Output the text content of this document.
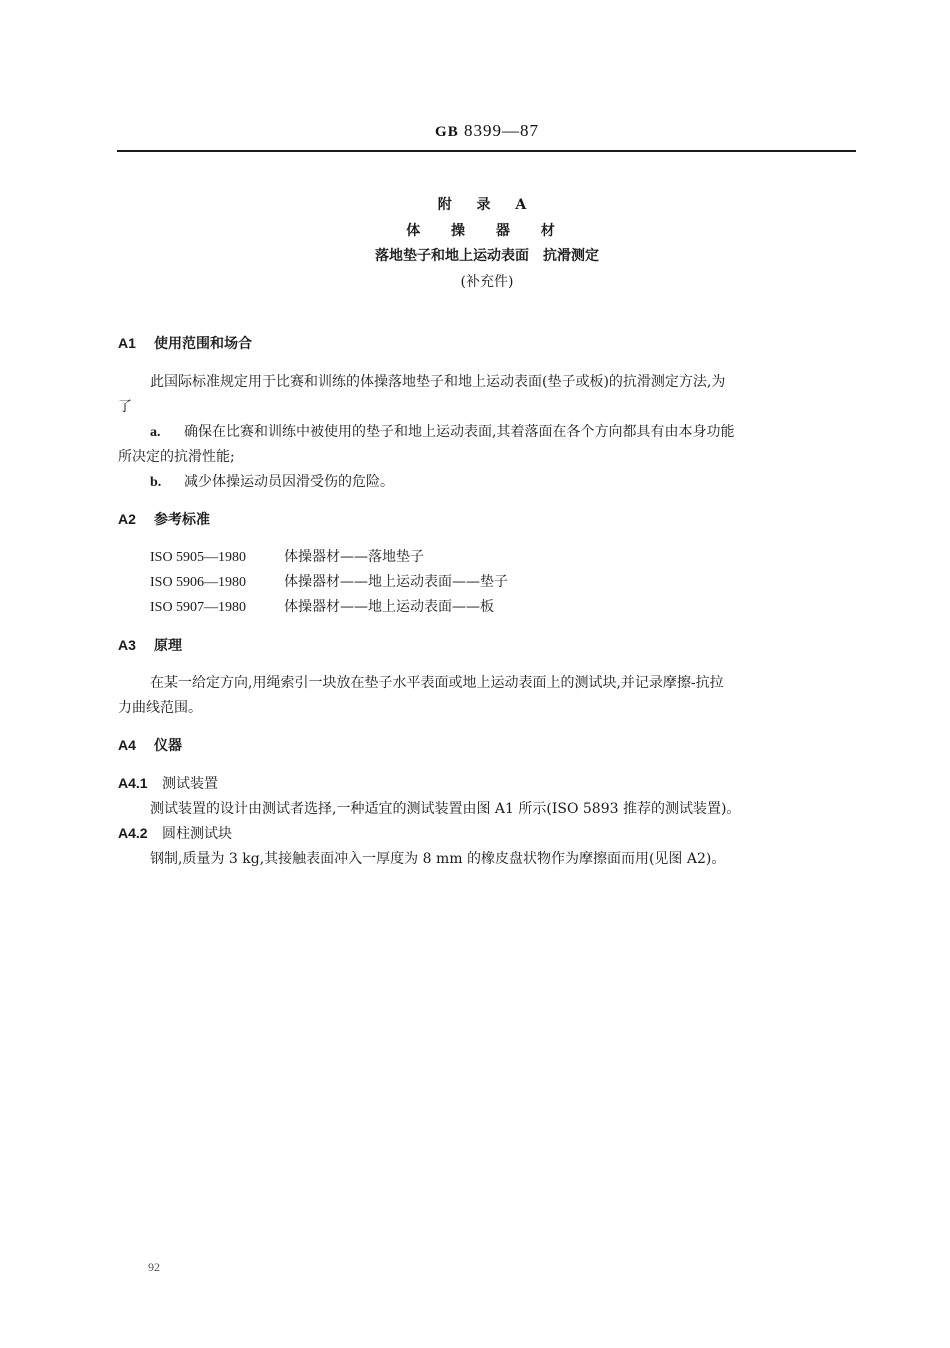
GB 8399—87
附 录 A
体 操 器 材
落地垫子和地上运动表面 抗滑测定
(补充件)
A1 使用范围和场合
此国际标准规定用于比赛和训练的体操落地垫子和地上运动表面(垫子或板)的抗滑测定方法,为
了
a. 确保在比赛和训练中被使用的垫子和地上运动表面,其着落面在各个方向都具有由本身功能
所决定的抗滑性能;
b. 减少体操运动员因滑受伤的危险。
A2 参考标准
ISO 5905—1980	体操器材——落地垫子
ISO 5906—1980	体操器材——地上运动表面——垫子
ISO 5907—1980	体操器材——地上运动表面——板
A3 原理
在某一给定方向,用绳索引一块放在垫子水平表面或地上运动表面上的测试块,并记录摩擦-抗拉
力曲线范围。
A4 仪器
A4.1 测试装置
测试装置的设计由测试者选择,一种适宜的测试装置由图 A1 所示(ISO 5893 推荐的测试装置)。
A4.2 圆柱测试块
钢制,质量为 3 kg,其接触表面冲入一厚度为 8 mm 的橡皮盘状物作为摩擦面而用(见图 A2)。
92
